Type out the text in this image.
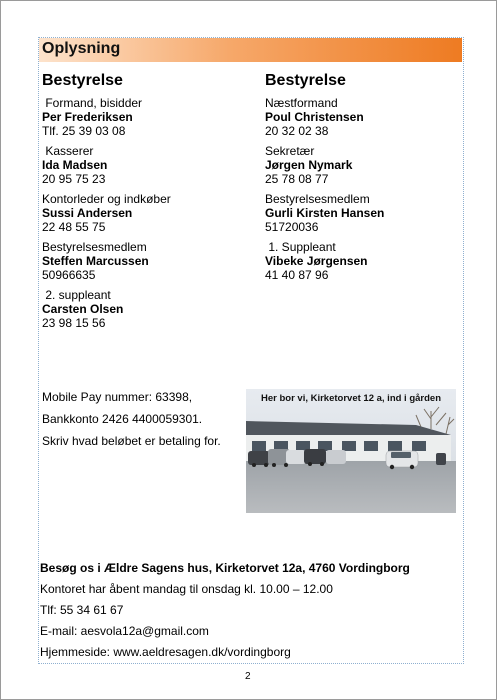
Oplysning
Bestyrelse
Formand, bisidder
Per Frederiksen
Tlf. 25 39 03 08
Kasserer
Ida Madsen
20 95 75 23
Kontorleder og indkøber
Sussi Andersen
22 48 55 75
Bestyrelsesmedlem
Steffen Marcussen
50966635
2. suppleant
Carsten Olsen
23 98 15 56
Bestyrelse
Næstformand
Poul Christensen
20 32 02 38
Sekretær
Jørgen Nymark
25 78 08 77
Bestyrelsesmedlem
Gurli Kirsten Hansen
51720036
1. Suppleant
Vibeke Jørgensen
41 40 87 96
Mobile Pay nummer: 63398,
Bankkonto 2426 4400059301.
Skriv hvad beløbet er betaling for.
Her bor vi, Kirketorvet 12 a, ind i gården
Besøg os i Ældre Sagens hus, Kirketorvet 12a, 4760 Vordingborg
Kontoret har åbent mandag til onsdag kl. 10.00 – 12.00
Tlf: 55 34 61 67
E-mail: aesvola12a@gmail.com
Hjemmeside: www.aeldresagen.dk/vordingborg
2
